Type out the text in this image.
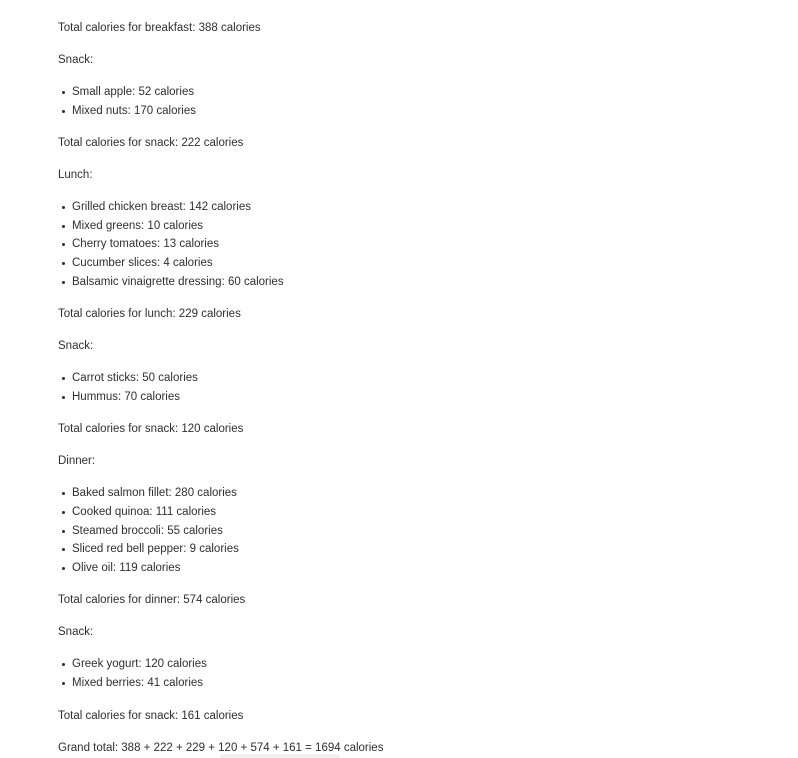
Total calories for breakfast: 388 calories

Snack:

Small apple: 52 calories
Mixed nuts: 170 calories

Total calories for snack: 222 calories

Lunch:

Grilled chicken breast: 142 calories
Mixed greens: 10 calories
Cherry tomatoes: 13 calories
Cucumber slices: 4 calories
Balsamic vinaigrette dressing: 60 calories

Total calories for lunch: 229 calories

Snack:

Carrot sticks: 50 calories
Hummus: 70 calories

Total calories for snack: 120 calories

Dinner:

Baked salmon fillet: 280 calories
Cooked quinoa: 111 calories
Steamed broccoli: 55 calories
Sliced red bell pepper: 9 calories
Olive oil: 119 calories

Total calories for dinner: 574 calories

Snack:

Greek yogurt: 120 calories
Mixed berries: 41 calories

Total calories for snack: 161 calories

Grand total: 388 + 222 + 229 + 120 + 574 + 161 = 1694 calories
